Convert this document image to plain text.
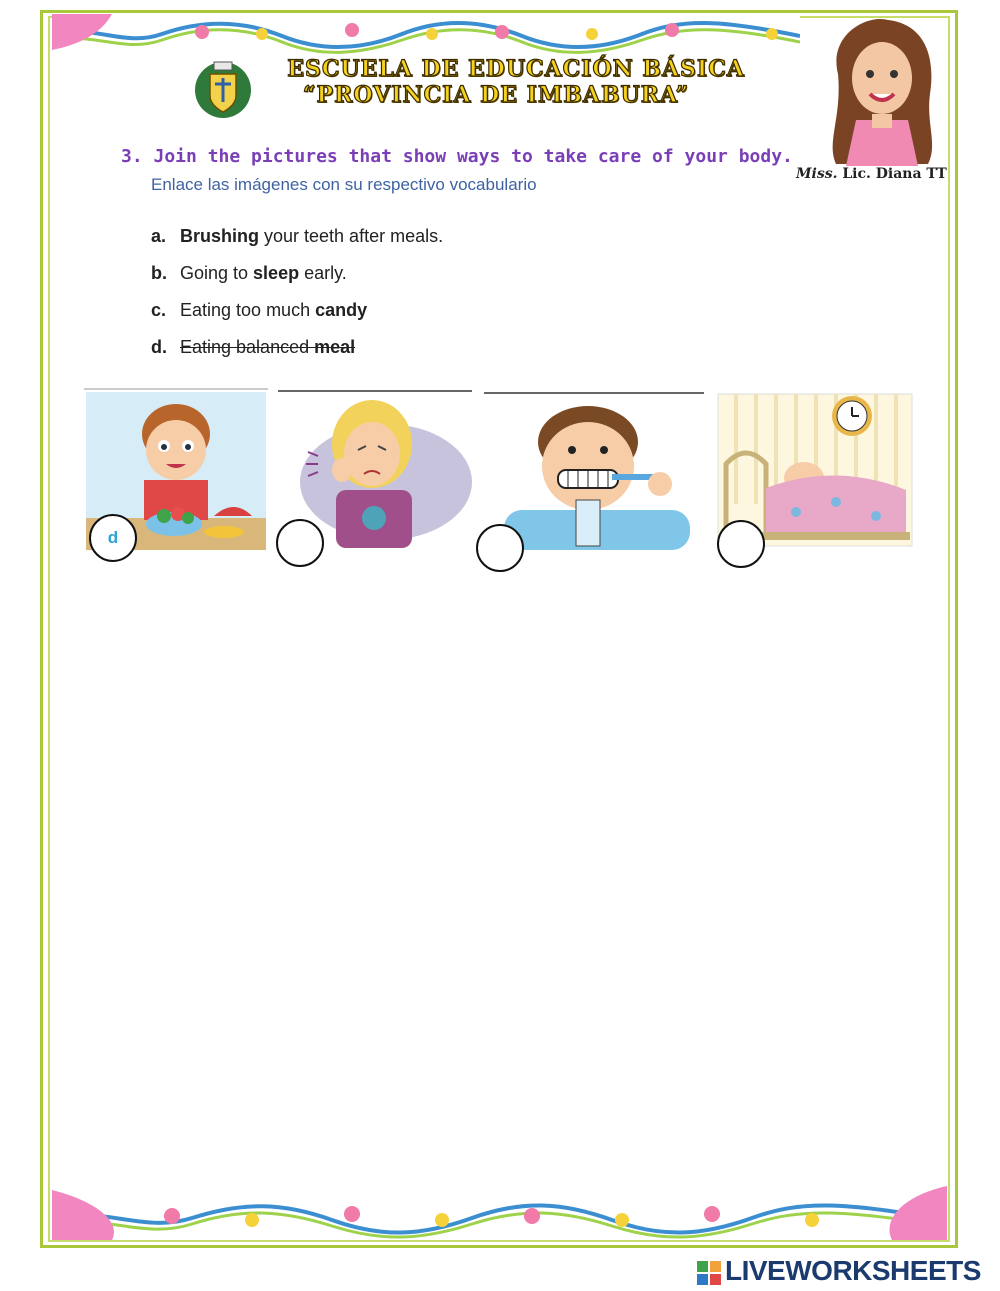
ESCUELA DE EDUCACIÓN BÁSICA
“PROVINCIA DE IMBABURA”
Miss. Lic. Diana TT
3. Join the pictures that show ways to take care of your body.
Enlace las imágenes con su respectivo vocabulario
a. Brushing your teeth after meals.
b. Going to sleep early.
c. Eating too much candy
d. Eating balanced meal
d
LIVEWORKSHEETS
